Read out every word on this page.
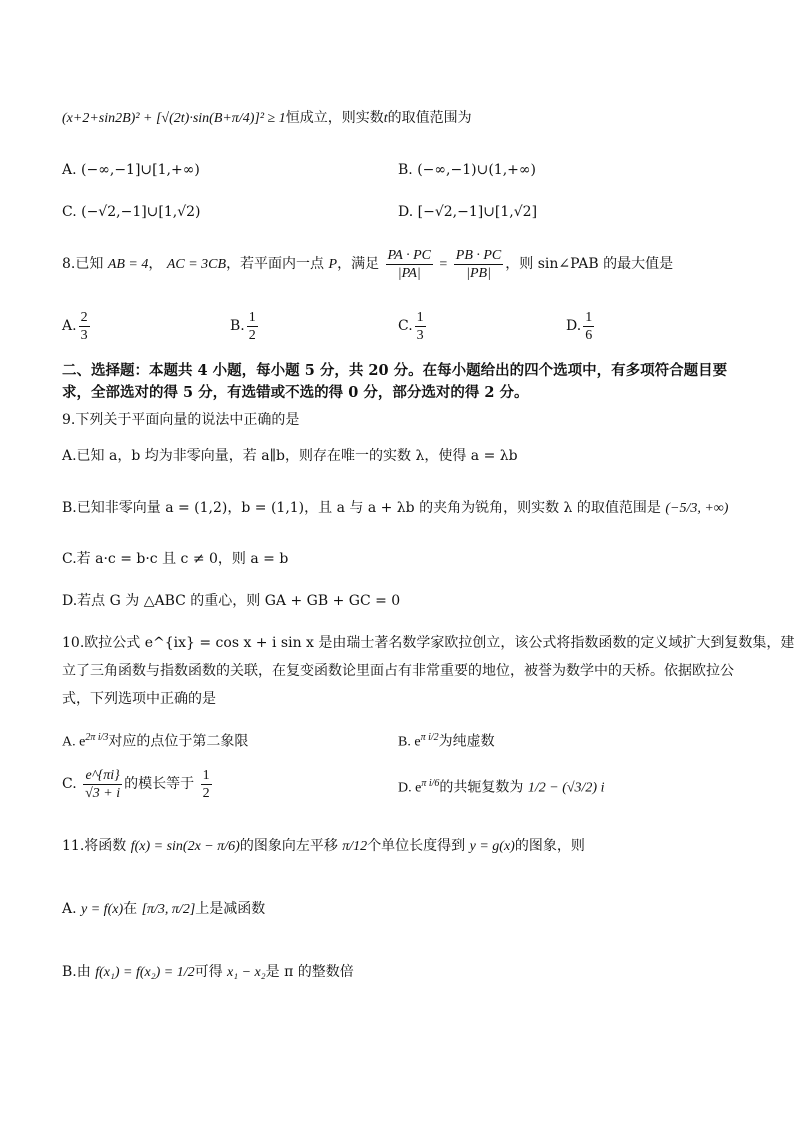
(x+2+sin2B)² + [√(2t)·sin(B+π/4)]² ≥ 1恒成立，则实数t的取值范围为
A. (−∞,−1]∪[1,+∞)	B. (−∞,−1)∪(1,+∞)
C. (−√2,−1]∪[1,√2)	D. [−√2,−1]∪[1,√2]
8.已知 AB = 4， AC = 3CB，若平面内一点 P，满足 $\frac{PA \cdot PC}{|PA|} = \frac{PB \cdot PC}{|PB|}$ ，则 sin∠PAB 的最大值是
A. $\frac{2}{3}$	B. $\frac{1}{2}$	C. $\frac{1}{3}$	D. $\frac{1}{6}$
二、选择题：本题共 4 小题，每小题 5 分，共 20 分。在每小题给出的四个选项中，有多项符合题目要求，全部选对的得 5 分，有选错或不选的得 0 分，部分选对的得 2 分。
9.下列关于平面向量的说法中正确的是
A.已知 a，b 均为非零向量，若 a∥b，则存在唯一的实数 λ，使得 a = λb
B.已知非零向量 a = (1,2)，b = (1,1)，且 a 与 a + λb 的夹角为锐角，则实数 λ 的取值范围是 (−5/3, +∞)
C.若 a·c = b·c 且 c ≠ 0，则 a = b
D.若点 G 为 △ABC 的重心，则 GA + GB + GC = 0
10.欧拉公式 e^{ix} = cos x + i sin x 是由瑞士著名数学家欧拉创立，该公式将指数函数的定义域扩大到复数集，建
立了三角函数与指数函数的关联，在复变函数论里面占有非常重要的地位，被誉为数学中的天桥。依据欧拉公
式，下列选项中正确的是
A. $e^{2\pi i/3}$对应的点位于第二象限	B. $e^{\pi i/2}$为纯虚数
C. $\frac{e\^{}\{\pi i\}}{√3 + i}$ 的模长等于 $\frac{1}{2}$	D. $e^{\pi i/6}$的共轭复数为 1/2 − (√3/2) i
11.将函数 f(x) = sin(2x − π/6)的图象向左平移 π/12个单位长度得到 y = g(x)的图象，则
A. y = f(x)在 [π/3, π/2]上是减函数
B.由 f(x₁) = f(x₂) = 1/2可得 x₁ − x₂是 π 的整数倍
